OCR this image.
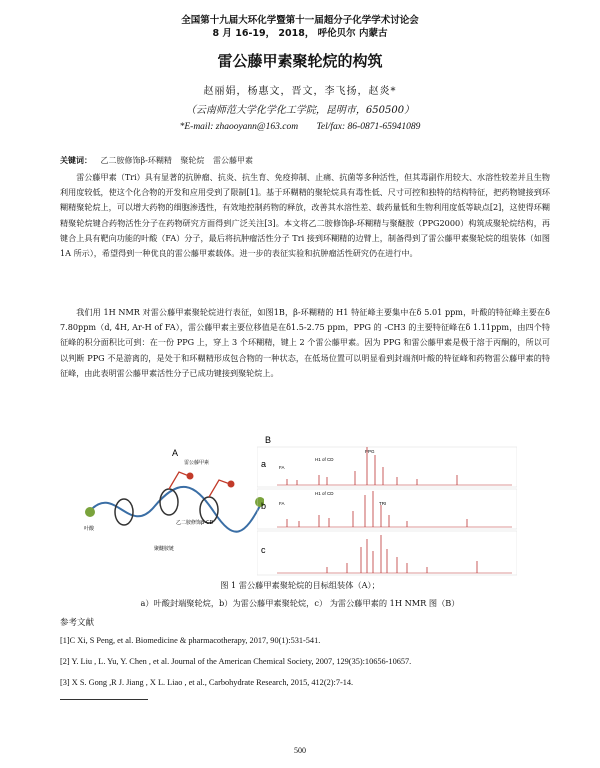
全国第十九届大环化学暨第十一届超分子化学学术讨论会
8 月 16-19， 2018， 呼伦贝尔 内蒙古
雷公藤甲素聚轮烷的构筑
赵丽娟，杨惠文，晋文，李飞扬，赵炎*
（云南师范大学化学化工学院，昆明市，650500）
*E-mail: zhaooyann@163.com Tel/fax: 86-0871-65941089
关键词： 乙二胺修饰β-环糊精 聚轮烷 雷公藤甲素

雷公藤甲素（Tri）具有显著的抗肿瘤、抗炎、抗生育、免疫抑制、止痛、抗菌等多种活性，但其毒副作用较大、水溶性较差并且生物利用度较低，使这个化合物的开发和应用受到了限制[1]。基于环糊精的聚轮烷具有毒性低、尺寸可控和独特的结构特征，把药物键接到环糊精聚轮烷上，可以增大药物的细胞渗透性，有效地控制药物的释放，改善其水溶性差、载药量低和生物利用度低等缺点[2]，这使得环糊精聚轮烷键合药物活性分子在药物研究方面得到广泛关注[3]。本文将乙二胺修饰β-环糊精与聚醚胺（PPG2000）构筑成聚轮烷结构，再键合上具有靶向功能的叶酸（FA）分子，最后将抗肿瘤活性分子 Tri 接到环糊精的边臂上，制备得到了雷公藤甲素聚轮烷的组装体（如图1A 所示），希望得到一种优良的雷公藤甲素载体。进一步的表征实验和抗肿瘤活性研究仍在进行中。

我们用 1H NMR 对雷公藤甲素聚轮烷进行表征，如图1B，β-环糊精的 H1 特征峰主要集中在δ 5.01 ppm，叶酸的特征峰主要在δ 7.80ppm（d, 4H, Ar-H of FA），雷公藤甲素主要位移值是在δ1.5-2.75 ppm，PPG 的 -CH3 的主要特征峰在δ 1.11ppm，由四个特征峰的积分面积比可到：在一份 PPG 上，穿上 3 个环糊精，键上 2 个雷公藤甲素。因为 PPG 和雷公藤甲素是极于溶于丙酮的，所以可以判断 PPG 不是游离的，是处于和环糊精形成包合物的一种状态，在低场位置可以明显看到封端剂叶酸的特征峰和药物雷公藤甲素的特征峰，由此表明雷公藤甲素活性分子已成功键接到聚轮烷上。

A
雷公藤甲素
乙二胺修饰β-CD
叶酸
聚醚胺链
B
a
b
c
FA
H1 of CD
PPG
FA
H1 of CD
TRI
图 1 雷公藤甲素聚轮烷的目标组装体（A）；
a）叶酸封端聚轮烷，b）为雷公藤甲素聚轮烷，c） 为雷公藤甲素的 1H NMR 图（B）
参考文献
[1]C Xi, S Peng, et al. Biomedicine & pharmacotherapy, 2017, 90(1):531-541.
[2] Y. Liu , L. Yu, Y. Chen , et al. Journal of the American Chemical Society, 2007, 129(35):10656-10657.
[3] X S. Gong ,R J. Jiang , X L. Liao , et al., Carbohydrate Research, 2015, 412(2):7-14.
500
